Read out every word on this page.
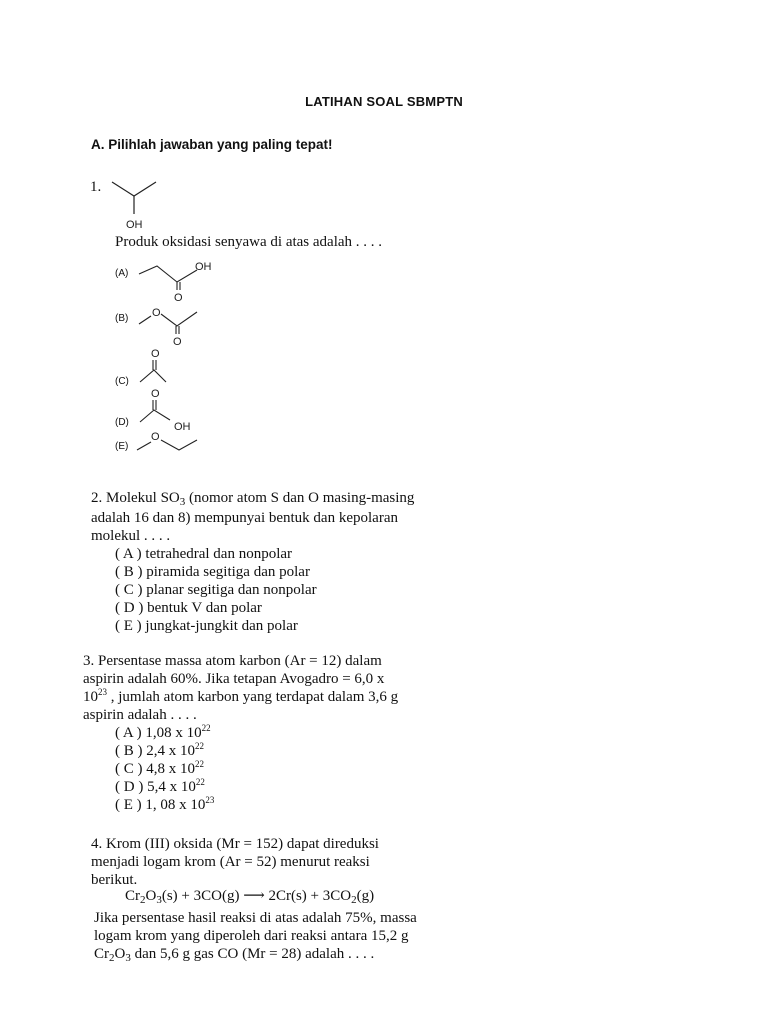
LATIHAN SOAL SBMPTN
A. Pilihlah jawaban yang paling tepat!
1.
OH
Produk oksidasi senyawa di atas adalah . . . .
(A)
OH
O
(B) O
O
O
(C)
O
OH
(D)
(E)
O
2. Molekul $SO_3$ (nomor atom S dan O masing-masing
adalah 16 dan 8) mempunyai bentuk dan kepolaran
molekul . . . .
( A ) tetrahedral dan nonpolar
( B ) piramida segitiga dan polar
( C ) planar segitiga dan nonpolar
( D ) bentuk V dan polar
( E ) jungkat-jungkit dan polar
3. Persentase massa atom karbon (Ar = 12) dalam
aspirin adalah 60%. Jika tetapan Avogadro = 6,0 x
$10^{23}$ , jumlah atom karbon yang terdapat dalam 3,6 g
aspirin adalah . . . .
( A ) 1,08 x $10^{22}$
( B ) 2,4 x $10^{22}$
( C ) 4,8 x $10^{22}$
( D ) 5,4 x $10^{22}$
( E ) 1, 08 x $10^{23}$
4. Krom (III) oksida (Mr = 152) dapat direduksi
menjadi logam krom (Ar = 52) menurut reaksi
berikut.
$Cr_2O_3(s) + 3CO(g)$ ⟶ $2Cr(s) + 3CO_2(g)$
Jika persentase hasil reaksi di atas adalah 75%, massa
logam krom yang diperoleh dari reaksi antara 15,2 g
$Cr_2O_3$ dan 5,6 g gas CO (Mr = 28) adalah . . . .
